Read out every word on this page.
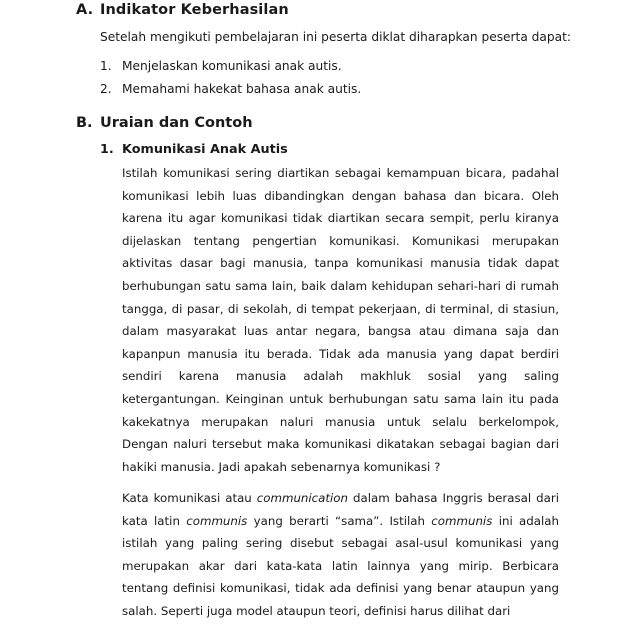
A. Indikator Keberhasilan
Setelah mengikuti pembelajaran ini peserta diklat diharapkan peserta dapat:
1. Menjelaskan komunikasi anak autis.
2. Memahami hakekat bahasa anak autis.
B. Uraian dan Contoh
1. Komunikasi Anak Autis

Istilah komunikasi sering diartikan sebagai kemampuan bicara, padahal komunikasi lebih luas dibandingkan dengan bahasa dan bicara. Oleh karena itu agar komunikasi tidak diartikan secara sempit, perlu kiranya dijelaskan tentang pengertian komunikasi. Komunikasi merupakan aktivitas dasar bagi manusia, tanpa komunikasi manusia tidak dapat berhubungan satu sama lain, baik dalam kehidupan sehari-hari di rumah tangga, di pasar, di sekolah, di tempat pekerjaan, di terminal, di stasiun, dalam masyarakat luas antar negara, bangsa atau dimana saja dan kapanpun manusia itu berada. Tidak ada manusia yang dapat berdiri sendiri karena manusia adalah makhluk sosial yang saling ketergantungan. Keinginan untuk berhubungan satu sama lain itu pada kakekatnya merupakan naluri manusia untuk selalu berkelompok, Dengan naluri tersebut maka komunikasi dikatakan sebagai bagian dari hakiki manusia. Jadi apakah sebenarnya komunikasi ?

Kata komunikasi atau communication dalam bahasa Inggris berasal dari kata latin communis yang berarti “sama”. Istilah communis ini adalah istilah yang paling sering disebut sebagai asal-usul komunikasi yang merupakan akar dari kata-kata latin lainnya yang mirip. Berbicara tentang definisi komunikasi, tidak ada definisi yang benar ataupun yang salah. Seperti juga model ataupun teori, definisi harus dilihat dari
